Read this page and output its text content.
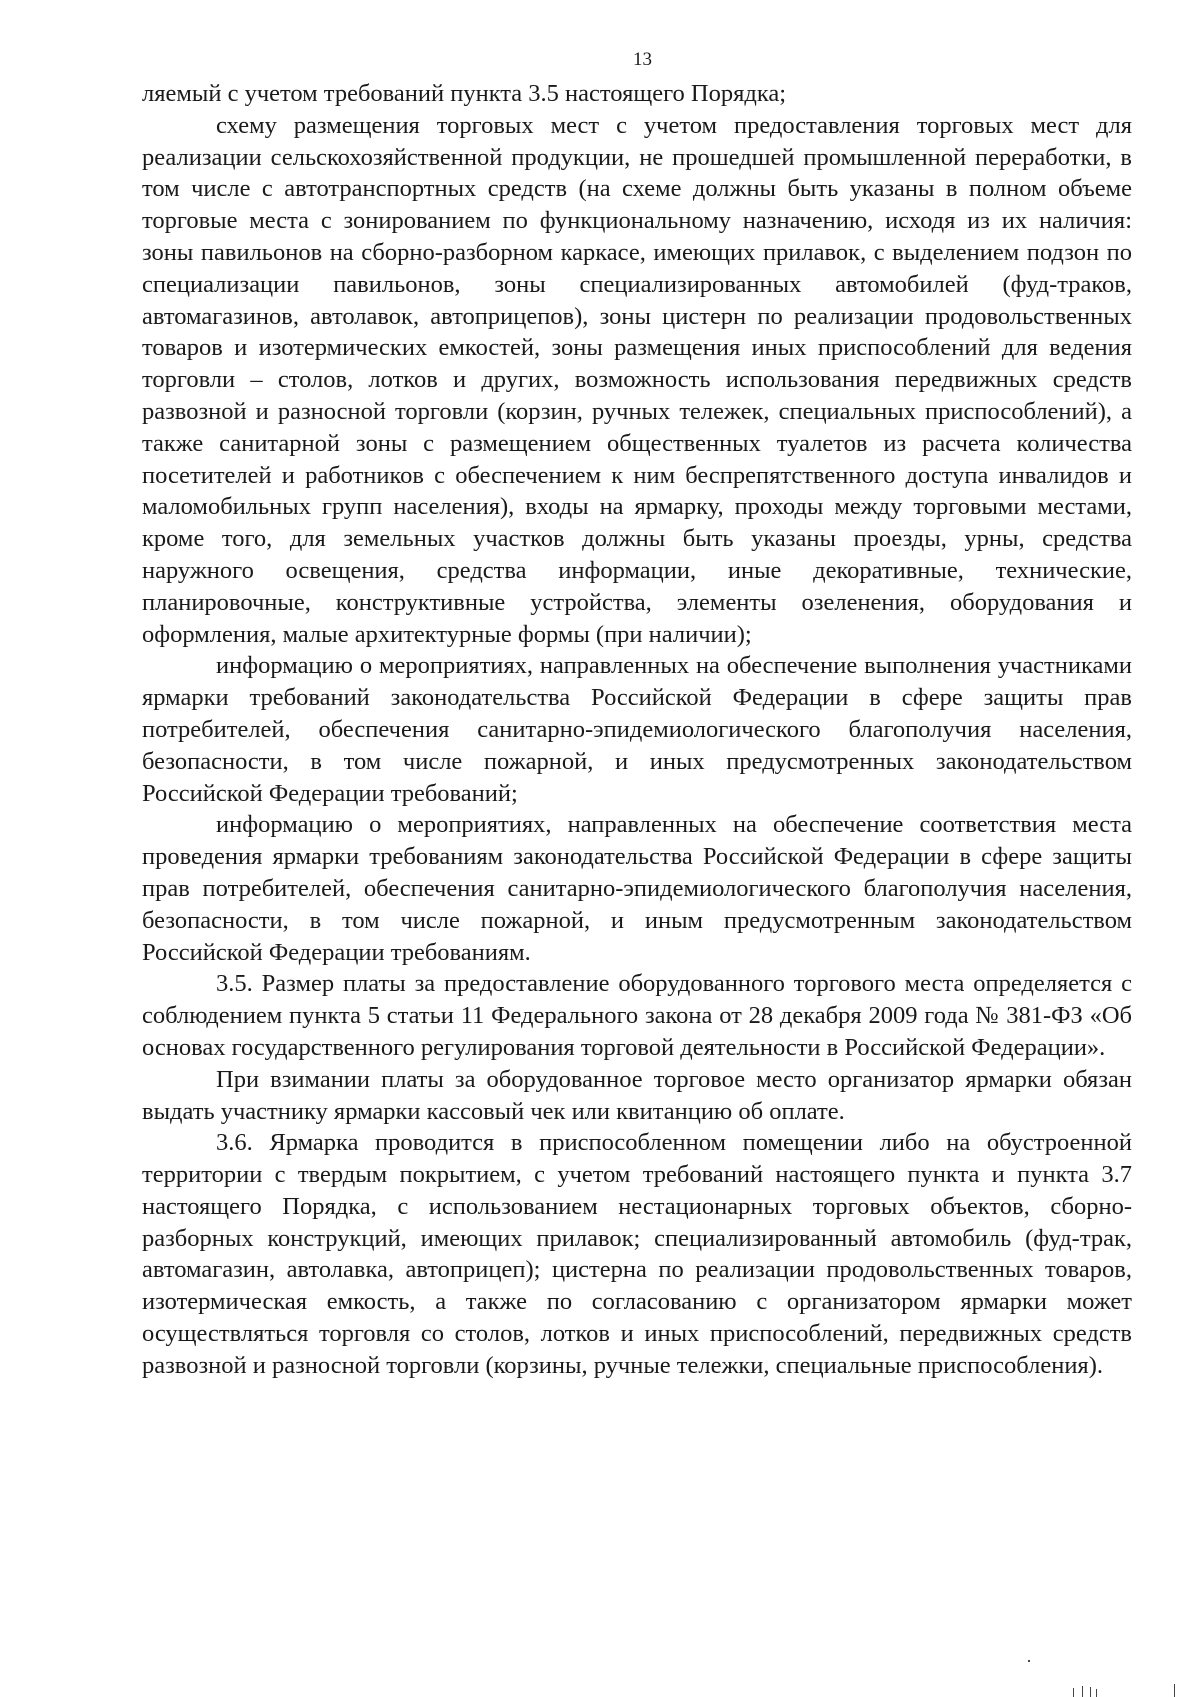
13

ляемый с учетом требований пункта 3.5 настоящего Порядка;

схему размещения торговых мест с учетом предоставления торговых мест для реализации сельскохозяйственной продукции, не прошедшей промышленной переработки, в том числе с автотранспортных средств (на схеме должны быть указаны в полном объеме торговые места с зонированием по функциональному назначению, исходя из их наличия: зоны павильонов на сборно-разборном каркасе, имеющих прилавок, с выделением подзон по специализации павильонов, зоны специализированных автомобилей (фуд-траков, автомагазинов, автолавок, автоприцепов), зоны цистерн по реализации продовольственных товаров и изотермических емкостей, зоны размещения иных приспособлений для ведения торговли – столов, лотков и других, возможность использования передвижных средств развозной и разносной торговли (корзин, ручных тележек, специальных приспособлений), а также санитарной зоны с размещением общественных туалетов из расчета количества посетителей и работников с обеспечением к ним беспрепятственного доступа инвалидов и маломобильных групп населения), входы на ярмарку, проходы между торговыми местами, кроме того, для земельных участков должны быть указаны проезды, урны, средства наружного освещения, средства информации, иные декоративные, технические, планировочные, конструктивные устройства, элементы озеленения, оборудования и оформления, малые архитектурные формы (при наличии);

информацию о мероприятиях, направленных на обеспечение выполнения участниками ярмарки требований законодательства Российской Федерации в сфере защиты прав потребителей, обеспечения санитарно-эпидемиологического благополучия населения, безопасности, в том числе пожарной, и иных предусмотренных законодательством Российской Федерации требований;

информацию о мероприятиях, направленных на обеспечение соответствия места проведения ярмарки требованиям законодательства Российской Федерации в сфере защиты прав потребителей, обеспечения санитарно-эпидемиологического благополучия населения, безопасности, в том числе пожарной, и иным предусмотренным законодательством Российской Федерации требованиям.

3.5. Размер платы за предоставление оборудованного торгового места определяется с соблюдением пункта 5 статьи 11 Федерального закона от 28 декабря 2009 года № 381-ФЗ «Об основах государственного регулирования торговой деятельности в Российской Федерации».

При взимании платы за оборудованное торговое место организатор ярмарки обязан выдать участнику ярмарки кассовый чек или квитанцию об оплате.

3.6. Ярмарка проводится в приспособленном помещении либо на обустроенной территории с твердым покрытием, с учетом требований настоящего пункта и пункта 3.7 настоящего Порядка, с использованием нестационарных торговых объектов, сборно-разборных конструкций, имеющих прилавок; специализированный автомобиль (фуд-трак, автомагазин, автолавка, автоприцеп); цистерна по реализации продовольственных товаров, изотермическая емкость, а также по согласованию с организатором ярмарки может осуществляться торговля со столов, лотков и иных приспособлений, передвижных средств развозной и разносной торговли (корзины, ручные тележки, специальные приспособления).
